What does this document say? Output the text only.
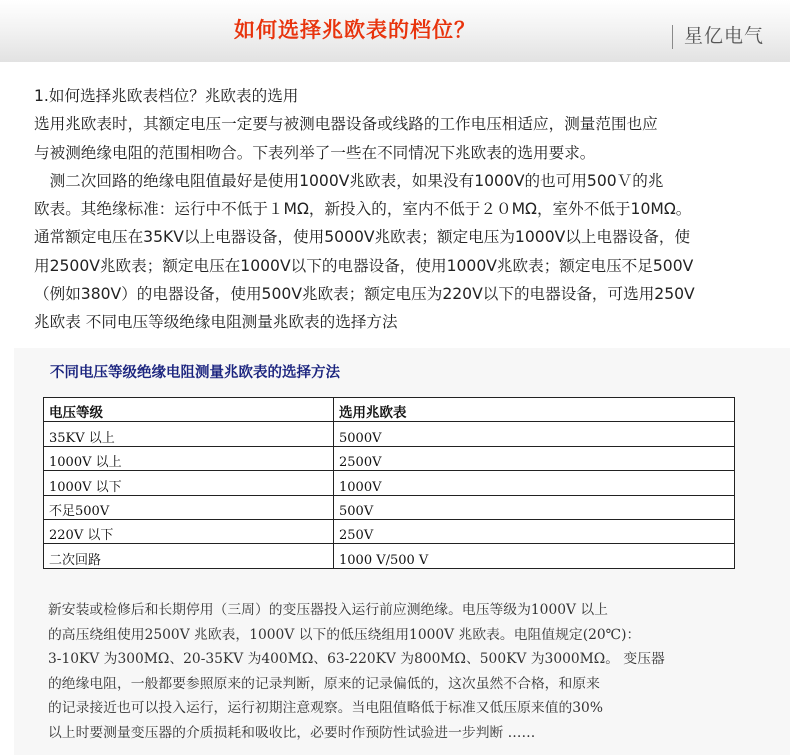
如何选择兆欧表的档位？	星亿电气

1.如何选择兆欧表档位？兆欧表的选用

选用兆欧表时，其额定电压一定要与被测电器设备或线路的工作电压相适应，测量范围也应

与被测绝缘电阻的范围相吻合。下表列举了一些在不同情况下兆欧表的选用要求。

　测二次回路的绝缘电阻值最好是使用1000V兆欧表，如果没有1000V的也可用500Ｖ的兆

欧表。其绝缘标准：运行中不低于１MΩ，新投入的，室内不低于２０MΩ，室外不低于10MΩ。

通常额定电压在35KV以上电器设备，使用5000V兆欧表；额定电压为1000V以上电器设备，使

用2500V兆欧表；额定电压在1000V以下的电器设备，使用1000V兆欧表；额定电压不足500V

（例如380V）的电器设备，使用500V兆欧表；额定电压为220V以下的电器设备，可选用250V

兆欧表 不同电压等级绝缘电阻测量兆欧表的选择方法

不同电压等级绝缘电阻测量兆欧表的选择方法
电压等级	选用兆欧表
35KV 以上	5000V
1000V 以上	2500V
1000V 以下	1000V
不足500V	500V
220V 以下	250V
二次回路	1000 V/500 V

新安装或检修后和长期停用（三周）的变压器投入运行前应测绝缘。电压等级为1000V 以上

的高压绕组使用2500V 兆欧表，1000V 以下的低压绕组用1000V 兆欧表。电阻值规定(20℃)：

3-10KV 为300MΩ、20-35KV 为400MΩ、63-220KV 为800MΩ、500KV 为3000MΩ。 变压器

的绝缘电阻，一般都要参照原来的记录判断，原来的记录偏低的，这次虽然不合格，和原来

的记录接近也可以投入运行，运行初期注意观察。当电阻值略低于标准又低压原来值的30%

以上时要测量变压器的介质损耗和吸收比，必要时作预防性试验进一步判断 ……
